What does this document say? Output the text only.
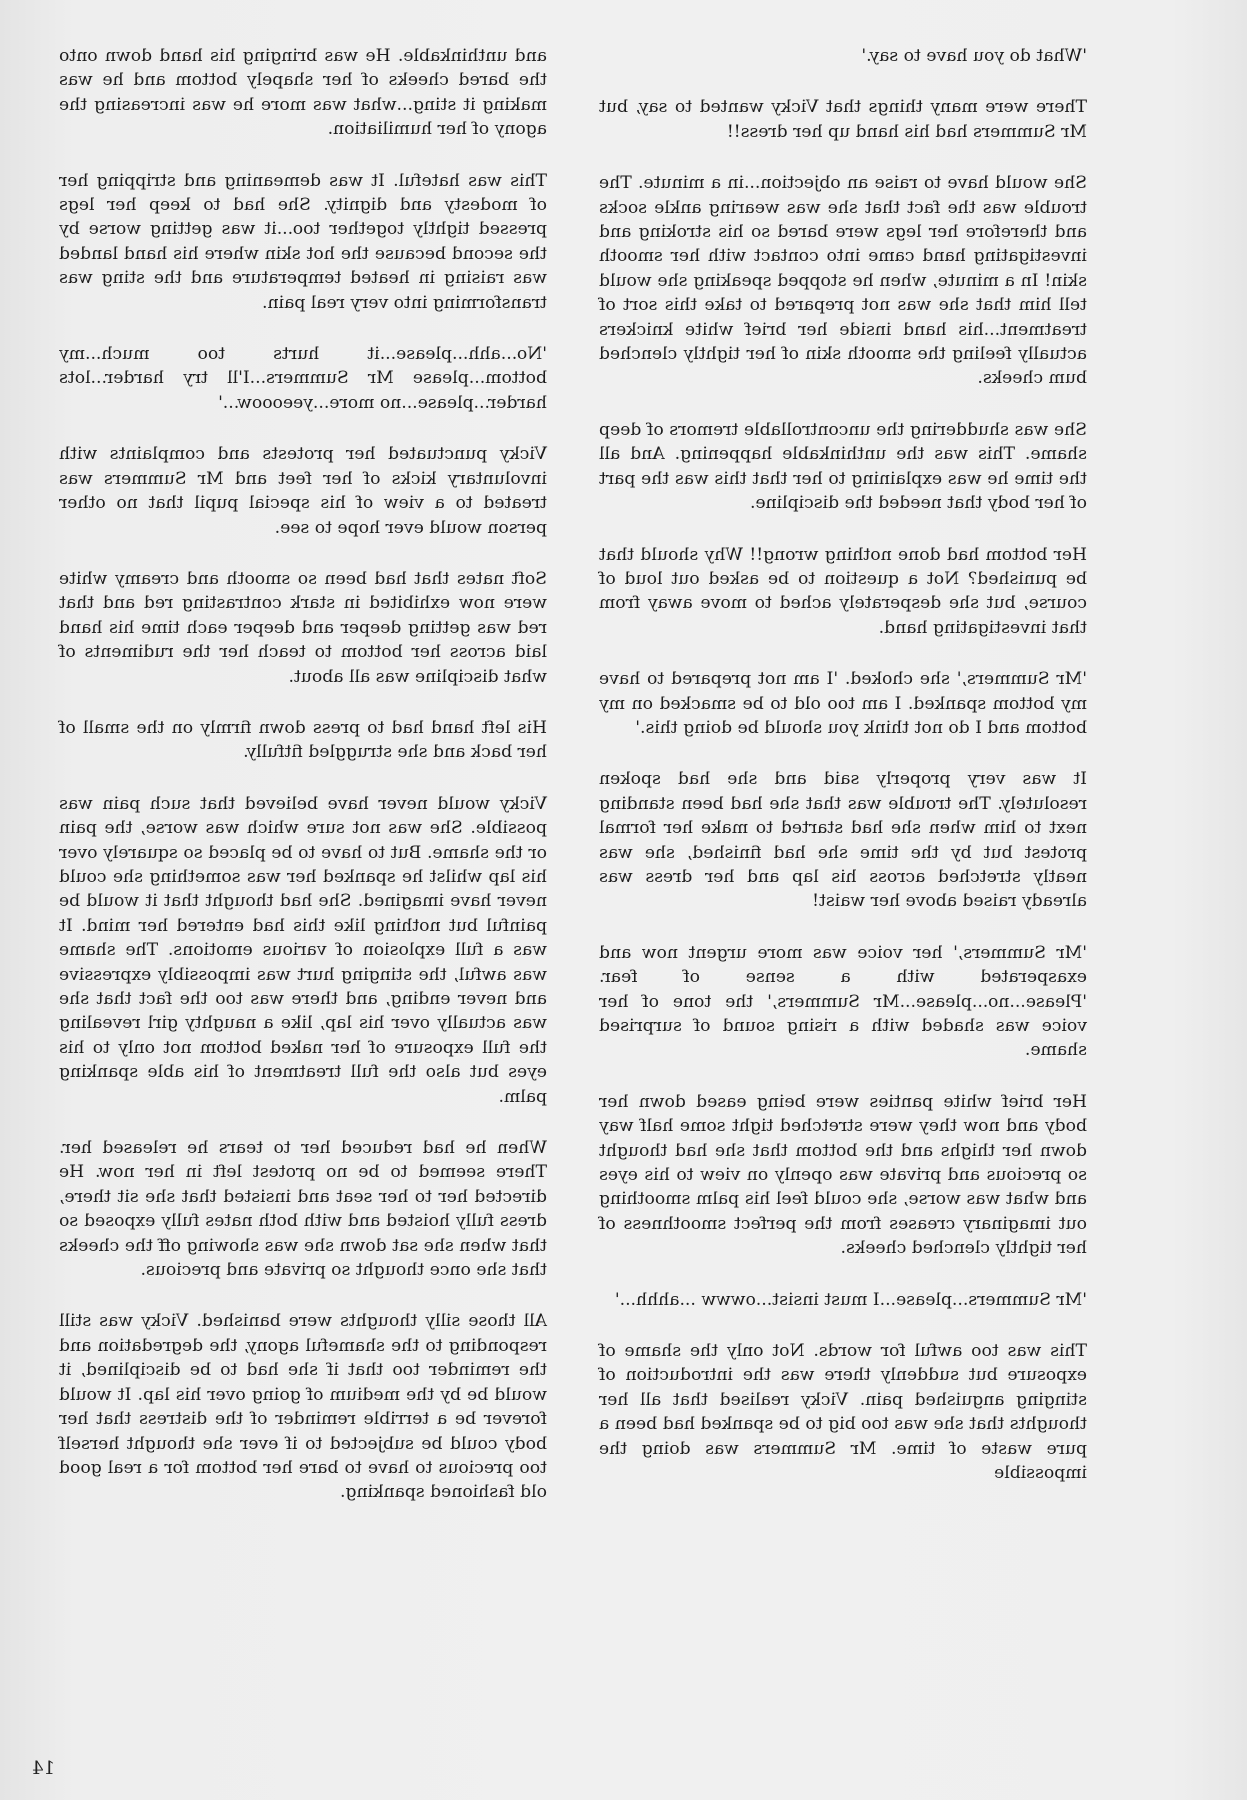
'What do you have to say.'

There were many things that Vicky wanted to say, but Mr Summers had his hand up her dress!!

She would have to raise an objection...in a minute. The trouble was the fact that she was wearing ankle socks and therefore her legs were bared so his stroking and investigating hand came into contact with her smooth skin! In a minute, when he stopped speaking she would tell him that she was not prepared to take this sort of treatment...his hand inside her brief white knickers actually feeling the smooth skin of her tightly clenched bum cheeks.

She was shuddering the uncontrollable tremors of deep shame. This was the unthinkable happening. And all the time he was explaining to her that this was the part of her body that needed the discipline.

Her bottom had done nothing wrong!! Why should that be punished? Not a question to be asked out loud of course, but she desperately ached to move away from that investigating hand.

'Mr Summers,' she choked. 'I am not prepared to have my bottom spanked. I am too old to be smacked on my bottom and I do not think you should be doing this.'

It was very properly said and she had spoken resolutely. The trouble was that she had been standing next to him when she had started to make her formal protest but by the time she had finished, she was neatly stretched across his lap and her dress was already raised above her waist!

'Mr Summers,' her voice was more urgent now and exasperated with a sense of fear. 'Please...no...please...Mr Summers,' the tone of her voice was shaded with a rising sound of surprised shame.

Her brief white panties were being eased down her body and now they were stretched tight some half way down her thighs and the bottom that she had thought so precious and private was openly on view to his eyes and what was worse, she could feel his palm smoothing out imaginary creases from the perfect smoothness of her tightly clenched cheeks.

'Mr Summers...please...I must insist...owww ...ahhh...'

This was too awful for words. Not only the shame of exposure but suddenly there was the introduction of stinging anguished pain. Vicky realised that all her thoughts that she was too big to be spanked had been a pure waste of time. Mr Summers was doing the impossible

and unthinkable. He was bringing his hand down onto the bared cheeks of her shapely bottom and he was making it sting...what was more he was increasing the agony of her humiliation.

This was hateful. It was demeaning and stripping her of modesty and dignity. She had to keep her legs pressed tightly together too...it was getting worse by the second because the hot skin where his hand landed was raising in heated temperature and the sting was transforming into very real pain.

'No...ahh...please...it hurts too much...my bottom...please Mr Summers...I'll try harder...lots harder...please...no more...yeeooow...'

Vicky punctuated her protests and complaints with involuntary kicks of her feet and Mr Summers was treated to a view of his special pupil that no other person would ever hope to see.

Soft nates that had been so smooth and creamy white were now exhibited in stark contrasting red and that red was getting deeper and deeper each time his hand laid across her bottom to teach her the rudiments of what discipline was all about.

His left hand had to press down firmly on the small of her back and she struggled fitfully.

Vicky would never have believed that such pain was possible. She was not sure which was worse, the pain or the shame. But to have to be placed so squarely over his lap whilst he spanked her was something she could never have imagined. She had thought that it would be painful but nothing like this had entered her mind. It was a full explosion of various emotions. The shame was awful, the stinging hurt was impossibly expressive and never ending, and there was too the fact that she was actually over his lap, like a naughty girl revealing the full exposure of her naked bottom not only to his eyes but also the full treatment of his able spanking palm.

When he had reduced her to tears he released her. There seemed to be no protest left in her now. He directed her to her seat and insisted that she sit there, dress fully hoisted and with both nates fully exposed so that when she sat down she was showing off the cheeks that she once thought so private and precious.

All those silly thoughts were banished. Vicky was still responding to the shameful agony, the degredation and the reminder too that if she had to be disciplined, it would be by the medium of going over his lap. It would forever be a terrible reminder of the distress that her body could be subjected to if ever she thought herself too precious to have to bare her bottom for a real good old fashioned spanking.

14
